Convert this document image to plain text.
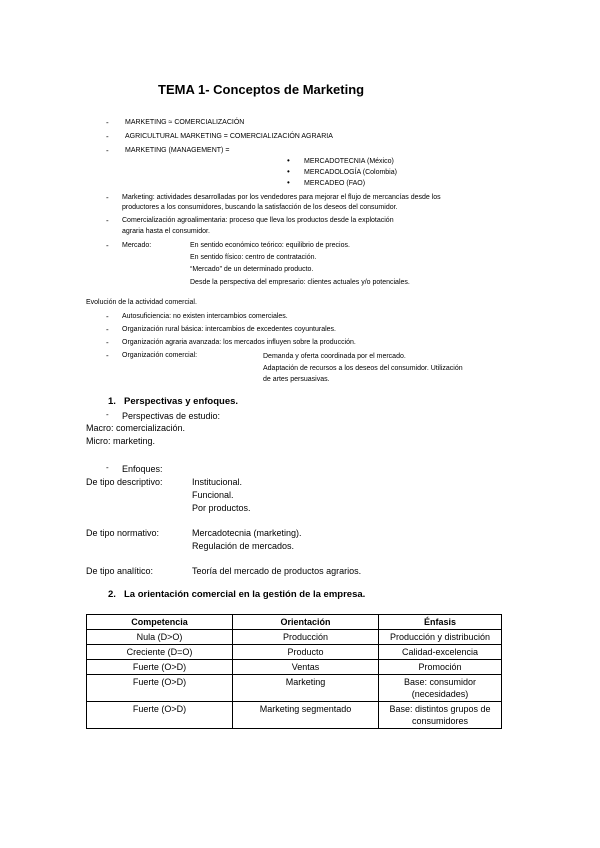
TEMA 1- Conceptos de Marketing
- MARKETING ≈ COMERCIALIZACIÓN
- AGRICULTURAL MARKETING = COMERCIALIZACIÓN AGRARIA
- MARKETING (MANAGEMENT) =
• MERCADOTECNIA (México)
• MERCADOLOGÍA (Colombia)
• MERCADEO (FAO)
- Marketing: actividades desarrolladas por los vendedores para mejorar el flujo de mercancías desde los
productores a los consumidores, buscando la satisfacción de los deseos del consumidor.
- Comercialización agroalimentaria: proceso que lleva los productos desde la explotación
agraria hasta el consumidor.
- Mercado:	En sentido económico teórico: equilibrio de precios.
En sentido físico: centro de contratación.
“Mercado” de un determinado producto.
Desde la perspectiva del empresario: clientes actuales y/o potenciales.
Evolución de la actividad comercial.
- Autosuficiencia: no existen intercambios comerciales.
- Organización rural básica: intercambios de excedentes coyunturales.
- Organización agraria avanzada: los mercados influyen sobre la producción.
- Organización comercial:	Demanda y oferta coordinada por el mercado.
Adaptación de recursos a los deseos del consumidor. Utilización
de artes persuasivas.
1. Perspectivas y enfoques.
- Perspectivas de estudio:
Macro: comercialización.
Micro: marketing.
- Enfoques:
De tipo descriptivo:	Institucional.
Funcional.
Por productos.
De tipo normativo:	Mercadotecnia (marketing).
Regulación de mercados.
De tipo analítico:	Teoría del mercado de productos agrarios.
2. La orientación comercial en la gestión de la empresa.
Competencia	Orientación	Énfasis
Nula (D>O)	Producción	Producción y distribución
Creciente (D=O)	Producto	Calidad-excelencia
Fuerte (O>D)	Ventas	Promoción
Fuerte (O>D)	Marketing	Base: consumidor (necesidades)
Fuerte (O>D)	Marketing segmentado	Base: distintos grupos de consumidores
